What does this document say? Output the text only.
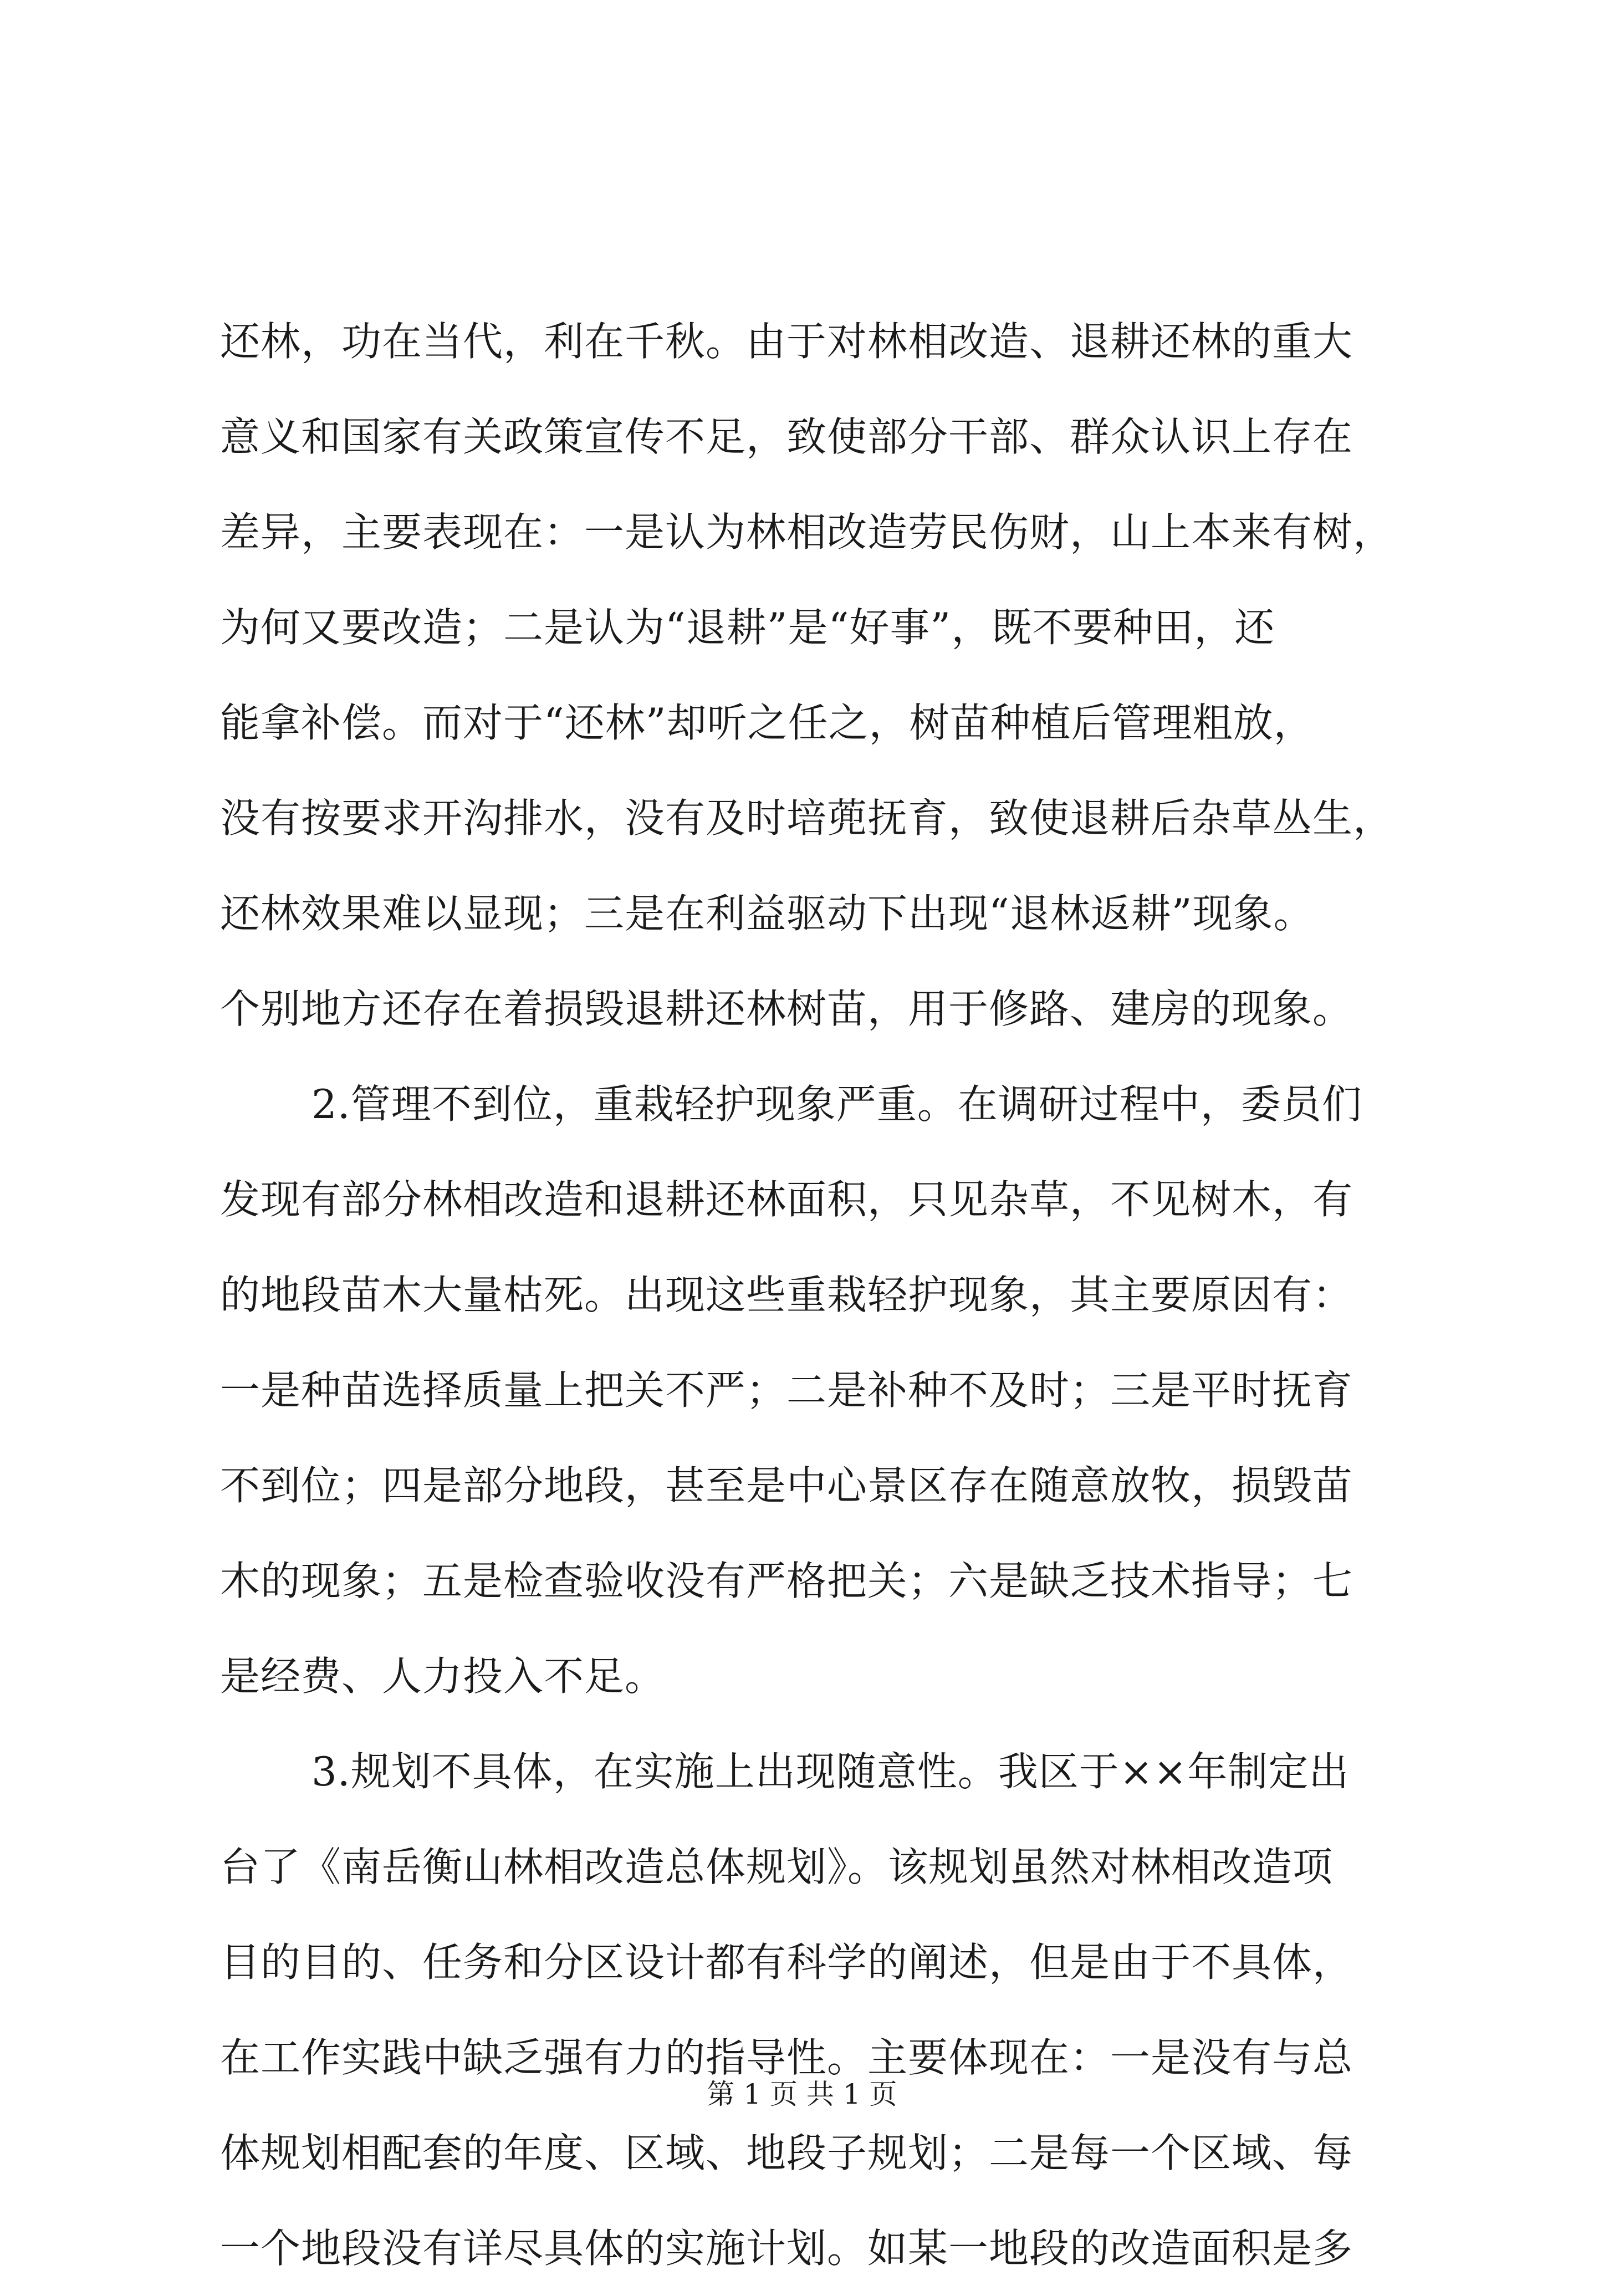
还林，功在当代，利在千秋。由于对林相改造、退耕还林的重大
意义和国家有关政策宣传不足，致使部分干部、群众认识上存在
差异，主要表现在：一是认为林相改造劳民伤财，山上本来有树，
为何又要改造；二是认为“退耕”是“好事”，既不要种田，还
能拿补偿。而对于“还林”却听之任之，树苗种植后管理粗放，
没有按要求开沟排水，没有及时培蔸抚育，致使退耕后杂草丛生，
还林效果难以显现；三是在利益驱动下出现“退林返耕”现象。
个别地方还存在着损毁退耕还林树苗，用于修路、建房的现象。
2.管理不到位，重栽轻护现象严重。在调研过程中，委员们
发现有部分林相改造和退耕还林面积，只见杂草，不见树木，有
的地段苗木大量枯死。出现这些重栽轻护现象，其主要原因有：
一是种苗选择质量上把关不严；二是补种不及时；三是平时抚育
不到位；四是部分地段，甚至是中心景区存在随意放牧，损毁苗
木的现象；五是检查验收没有严格把关；六是缺乏技术指导；七
是经费、人力投入不足。
3.规划不具体，在实施上出现随意性。我区于××年制定出
台了《南岳衡山林相改造总体规划》。该规划虽然对林相改造项
目的目的、任务和分区设计都有科学的阐述，但是由于不具体，
在工作实践中缺乏强有力的指导性。主要体现在：一是没有与总
体规划相配套的年度、区域、地段子规划；二是每一个区域、每
一个地段没有详尽具体的实施计划。如某一地段的改造面积是多
第 1 页 共 1 页
